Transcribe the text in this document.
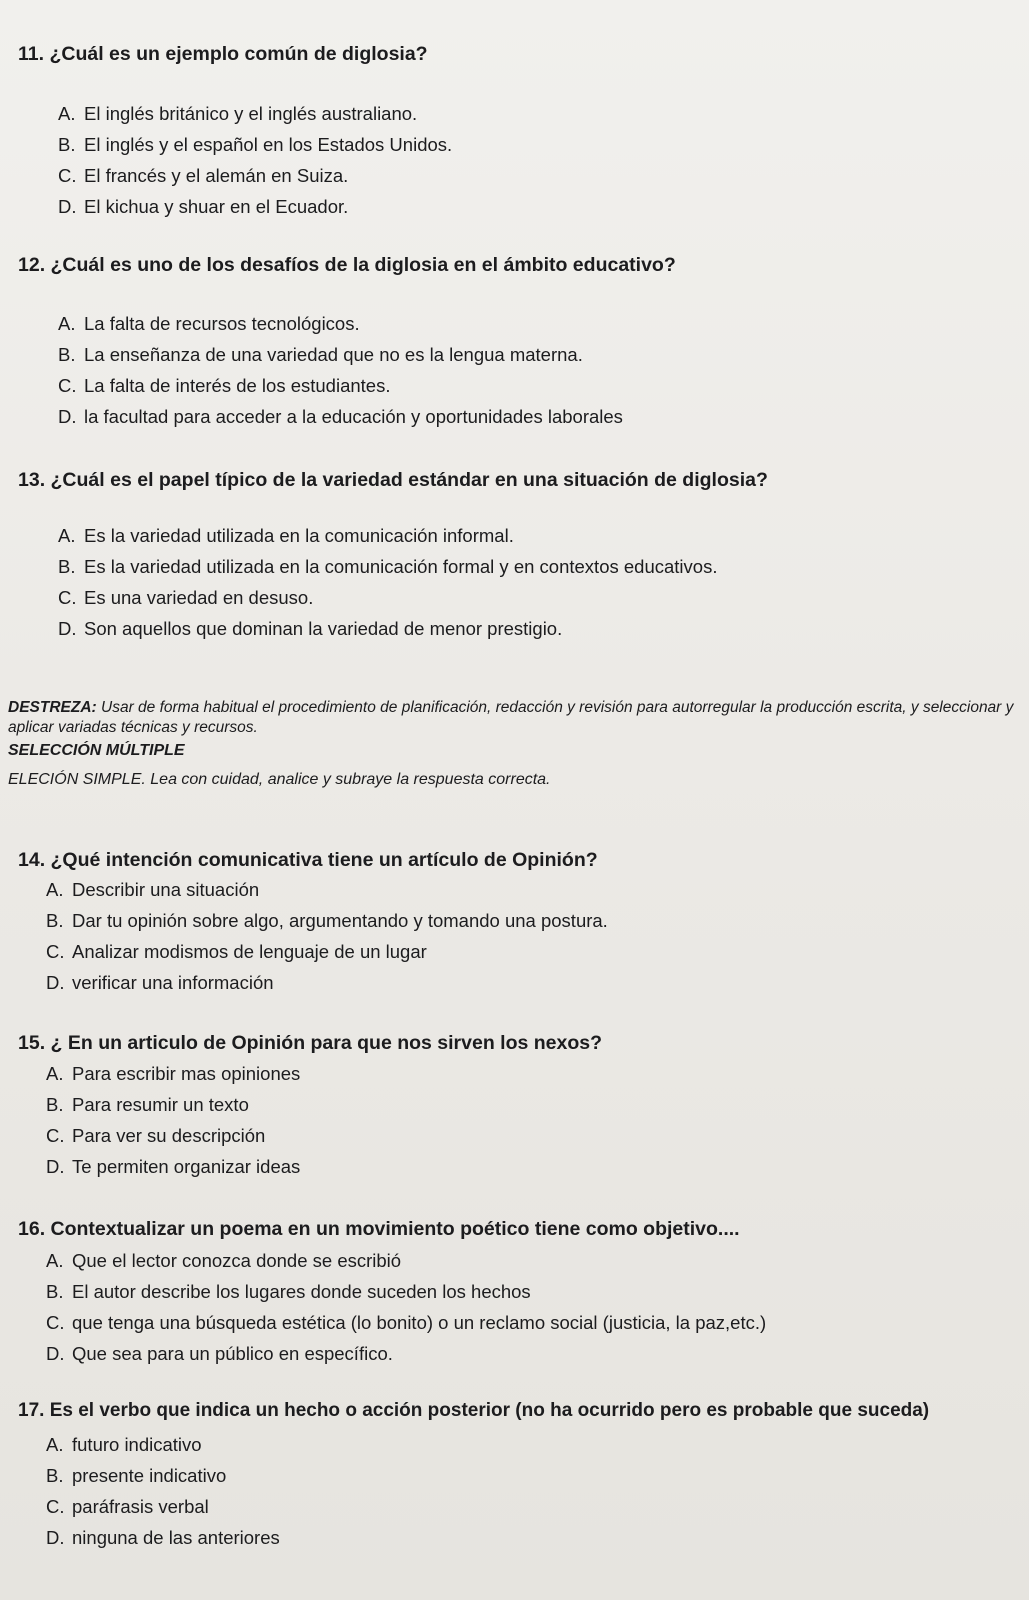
11. ¿Cuál es un ejemplo común de diglosia?
A. El inglés británico y el inglés australiano.
B. El inglés y el español en los Estados Unidos.
C. El francés y el alemán en Suiza.
D. El kichua y shuar en el Ecuador.
12. ¿Cuál es uno de los desafíos de la diglosia en el ámbito educativo?
A. La falta de recursos tecnológicos.
B. La enseñanza de una variedad que no es la lengua materna.
C. La falta de interés de los estudiantes.
D. la facultad para acceder a la educación y oportunidades laborales
13. ¿Cuál es el papel típico de la variedad estándar en una situación de diglosia?
A. Es la variedad utilizada en la comunicación informal.
B. Es la variedad utilizada en la comunicación formal y en contextos educativos.
C. Es una variedad en desuso.
D. Son aquellos que dominan la variedad de menor prestigio.
DESTREZA: Usar de forma habitual el procedimiento de planificación, redacción y revisión para autorregular la producción escrita, y seleccionar y aplicar variadas técnicas y recursos.
SELECCIÓN MÚLTIPLE
ELECIÓN SIMPLE. Lea con cuidad, analice y subraye la respuesta correcta.
14. ¿Qué intención comunicativa tiene un artículo de Opinión?
A. Describir una situación
B. Dar tu opinión sobre algo, argumentando y tomando una postura.
C. Analizar modismos de lenguaje de un lugar
D. verificar una información
15. ¿ En un articulo de Opinión para que nos sirven los nexos?
A. Para escribir mas opiniones
B. Para resumir un texto
C. Para ver su descripción
D. Te permiten organizar ideas
16. Contextualizar un poema en un movimiento poético tiene como objetivo....
A. Que el lector conozca donde se escribió
B. El autor describe los lugares donde suceden los hechos
C. que tenga una búsqueda estética (lo bonito) o un reclamo social (justicia, la paz,etc.)
D. Que sea para un público en específico.
17. Es el verbo que indica un hecho o acción posterior (no ha ocurrido pero es probable que suceda)
A. futuro indicativo
B. presente indicativo
C. paráfrasis verbal
D. ninguna de las anteriores
